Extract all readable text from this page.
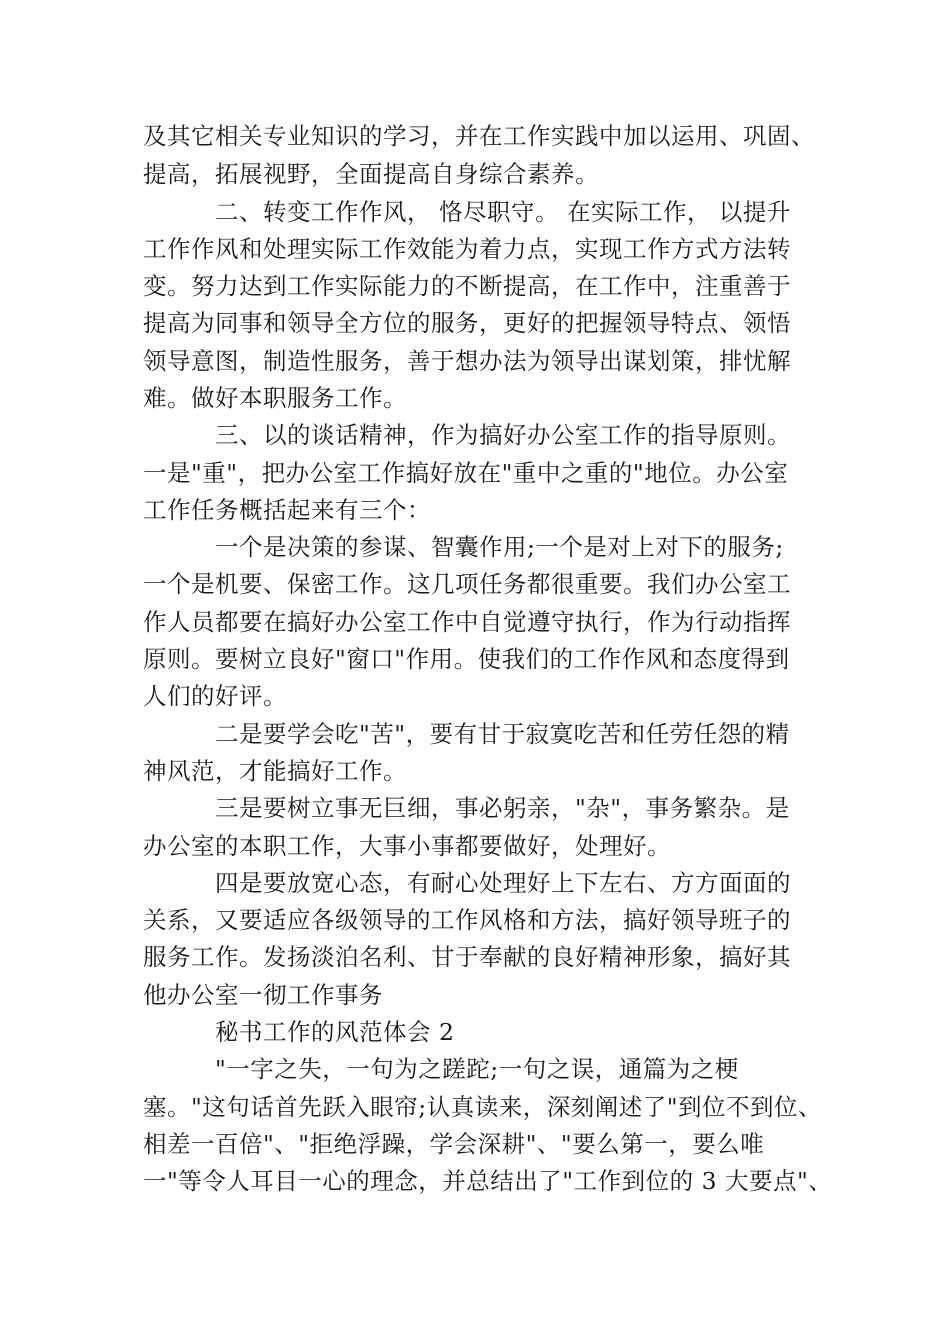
及其它相关专业知识的学习，并在工作实践中加以运用、巩固、
提高，拓展视野，全面提高自身综合素养。
二、转变工作作风， 恪尽职守。 在实际工作， 以提升
工作作风和处理实际工作效能为着力点，实现工作方式方法转
变。努力达到工作实际能力的不断提高，在工作中，注重善于
提高为同事和领导全方位的服务，更好的把握领导特点、领悟
领导意图，制造性服务，善于想办法为领导出谋划策，排忧解
难。做好本职服务工作。
三、以的谈话精神，作为搞好办公室工作的指导原则。
一是"重"，把办公室工作搞好放在"重中之重的"地位。办公室
工作任务概括起来有三个：
一个是决策的参谋、智囊作用;一个是对上对下的服务;
一个是机要、保密工作。这几项任务都很重要。我们办公室工
作人员都要在搞好办公室工作中自觉遵守执行，作为行动指挥
原则。要树立良好"窗口"作用。使我们的工作作风和态度得到
人们的好评。
二是要学会吃"苦"，要有甘于寂寞吃苦和任劳任怨的精
神风范，才能搞好工作。
三是要树立事无巨细，事必躬亲，"杂"，事务繁杂。是
办公室的本职工作，大事小事都要做好，处理好。
四是要放宽心态，有耐心处理好上下左右、方方面面的
关系，又要适应各级领导的工作风格和方法，搞好领导班子的
服务工作。发扬淡泊名利、甘于奉献的良好精神形象，搞好其
他办公室一彻工作事务
秘书工作的风范体会 2
"一字之失，一句为之蹉跎;一句之误，通篇为之梗
塞。"这句话首先跃入眼帘;认真读来，深刻阐述了"到位不到位、
相差一百倍"、"拒绝浮躁，学会深耕"、"要么第一，要么唯
一"等令人耳目一心的理念，并总结出了"工作到位的 3 大要点"、
